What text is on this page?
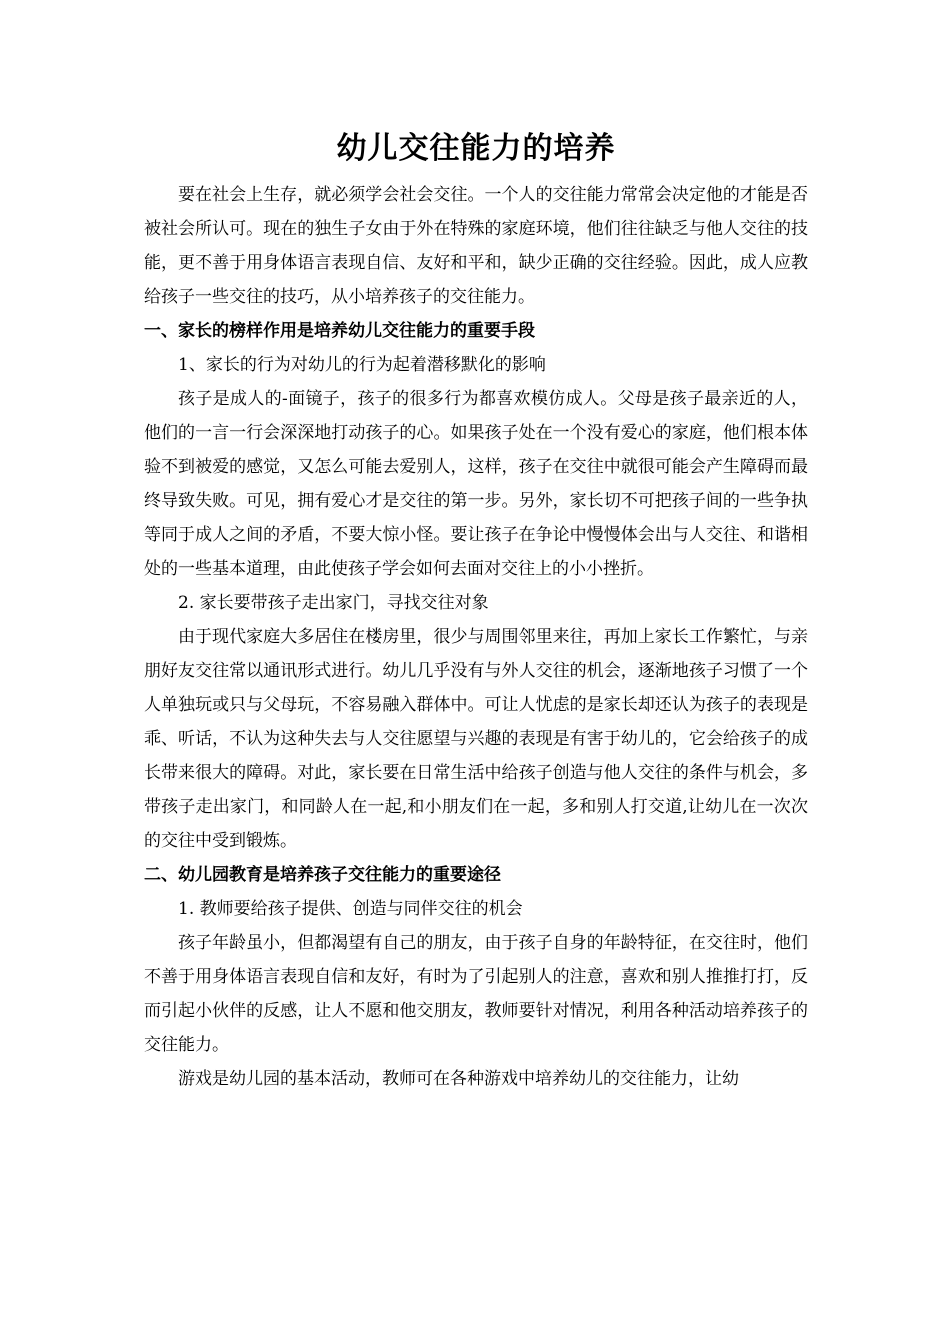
幼儿交往能力的培养

要在社会上生存，就必须学会社会交往。一个人的交往能力常常会决定他的才能是否被社会所认可。现在的独生子女由于外在特殊的家庭环境，他们往往缺乏与他人交往的技能，更不善于用身体语言表现自信、友好和平和，缺少正确的交往经验。因此，成人应教给孩子一些交往的技巧，从小培养孩子的交往能力。

一、家长的榜样作用是培养幼儿交往能力的重要手段

1、家长的行为对幼儿的行为起着潜移默化的影响

孩子是成人的-面镜子，孩子的很多行为都喜欢模仿成人。父母是孩子最亲近的人，他们的一言一行会深深地打动孩子的心。如果孩子处在一个没有爱心的家庭，他们根本体验不到被爱的感觉，又怎么可能去爱别人，这样，孩子在交往中就很可能会产生障碍而最终导致失败。可见，拥有爱心才是交往的第一步。另外，家长切不可把孩子间的一些争执等同于成人之间的矛盾，不要大惊小怪。要让孩子在争论中慢慢体会出与人交往、和谐相处的一些基本道理，由此使孩子学会如何去面对交往上的小小挫折。

2. 家长要带孩子走出家门，寻找交往对象

由于现代家庭大多居住在楼房里，很少与周围邻里来往，再加上家长工作繁忙，与亲朋好友交往常以通讯形式进行。幼儿几乎没有与外人交往的机会，逐渐地孩子习惯了一个人单独玩或只与父母玩，不容易融入群体中。可让人忧虑的是家长却还认为孩子的表现是乖、听话，不认为这种失去与人交往愿望与兴趣的表现是有害于幼儿的，它会给孩子的成长带来很大的障碍。对此，家长要在日常生活中给孩子创造与他人交往的条件与机会，多带孩子走出家门，和同龄人在一起,和小朋友们在一起，多和别人打交道,让幼儿在一次次的交往中受到锻炼。

二、幼儿园教育是培养孩子交往能力的重要途径

1. 教师要给孩子提供、创造与同伴交往的机会

孩子年龄虽小，但都渴望有自己的朋友，由于孩子自身的年龄特征，在交往时，他们不善于用身体语言表现自信和友好，有时为了引起别人的注意，喜欢和别人推推打打，反而引起小伙伴的反感，让人不愿和他交朋友，教师要针对情况，利用各种活动培养孩子的交往能力。

游戏是幼儿园的基本活动，教师可在各种游戏中培养幼儿的交往能力，让幼
